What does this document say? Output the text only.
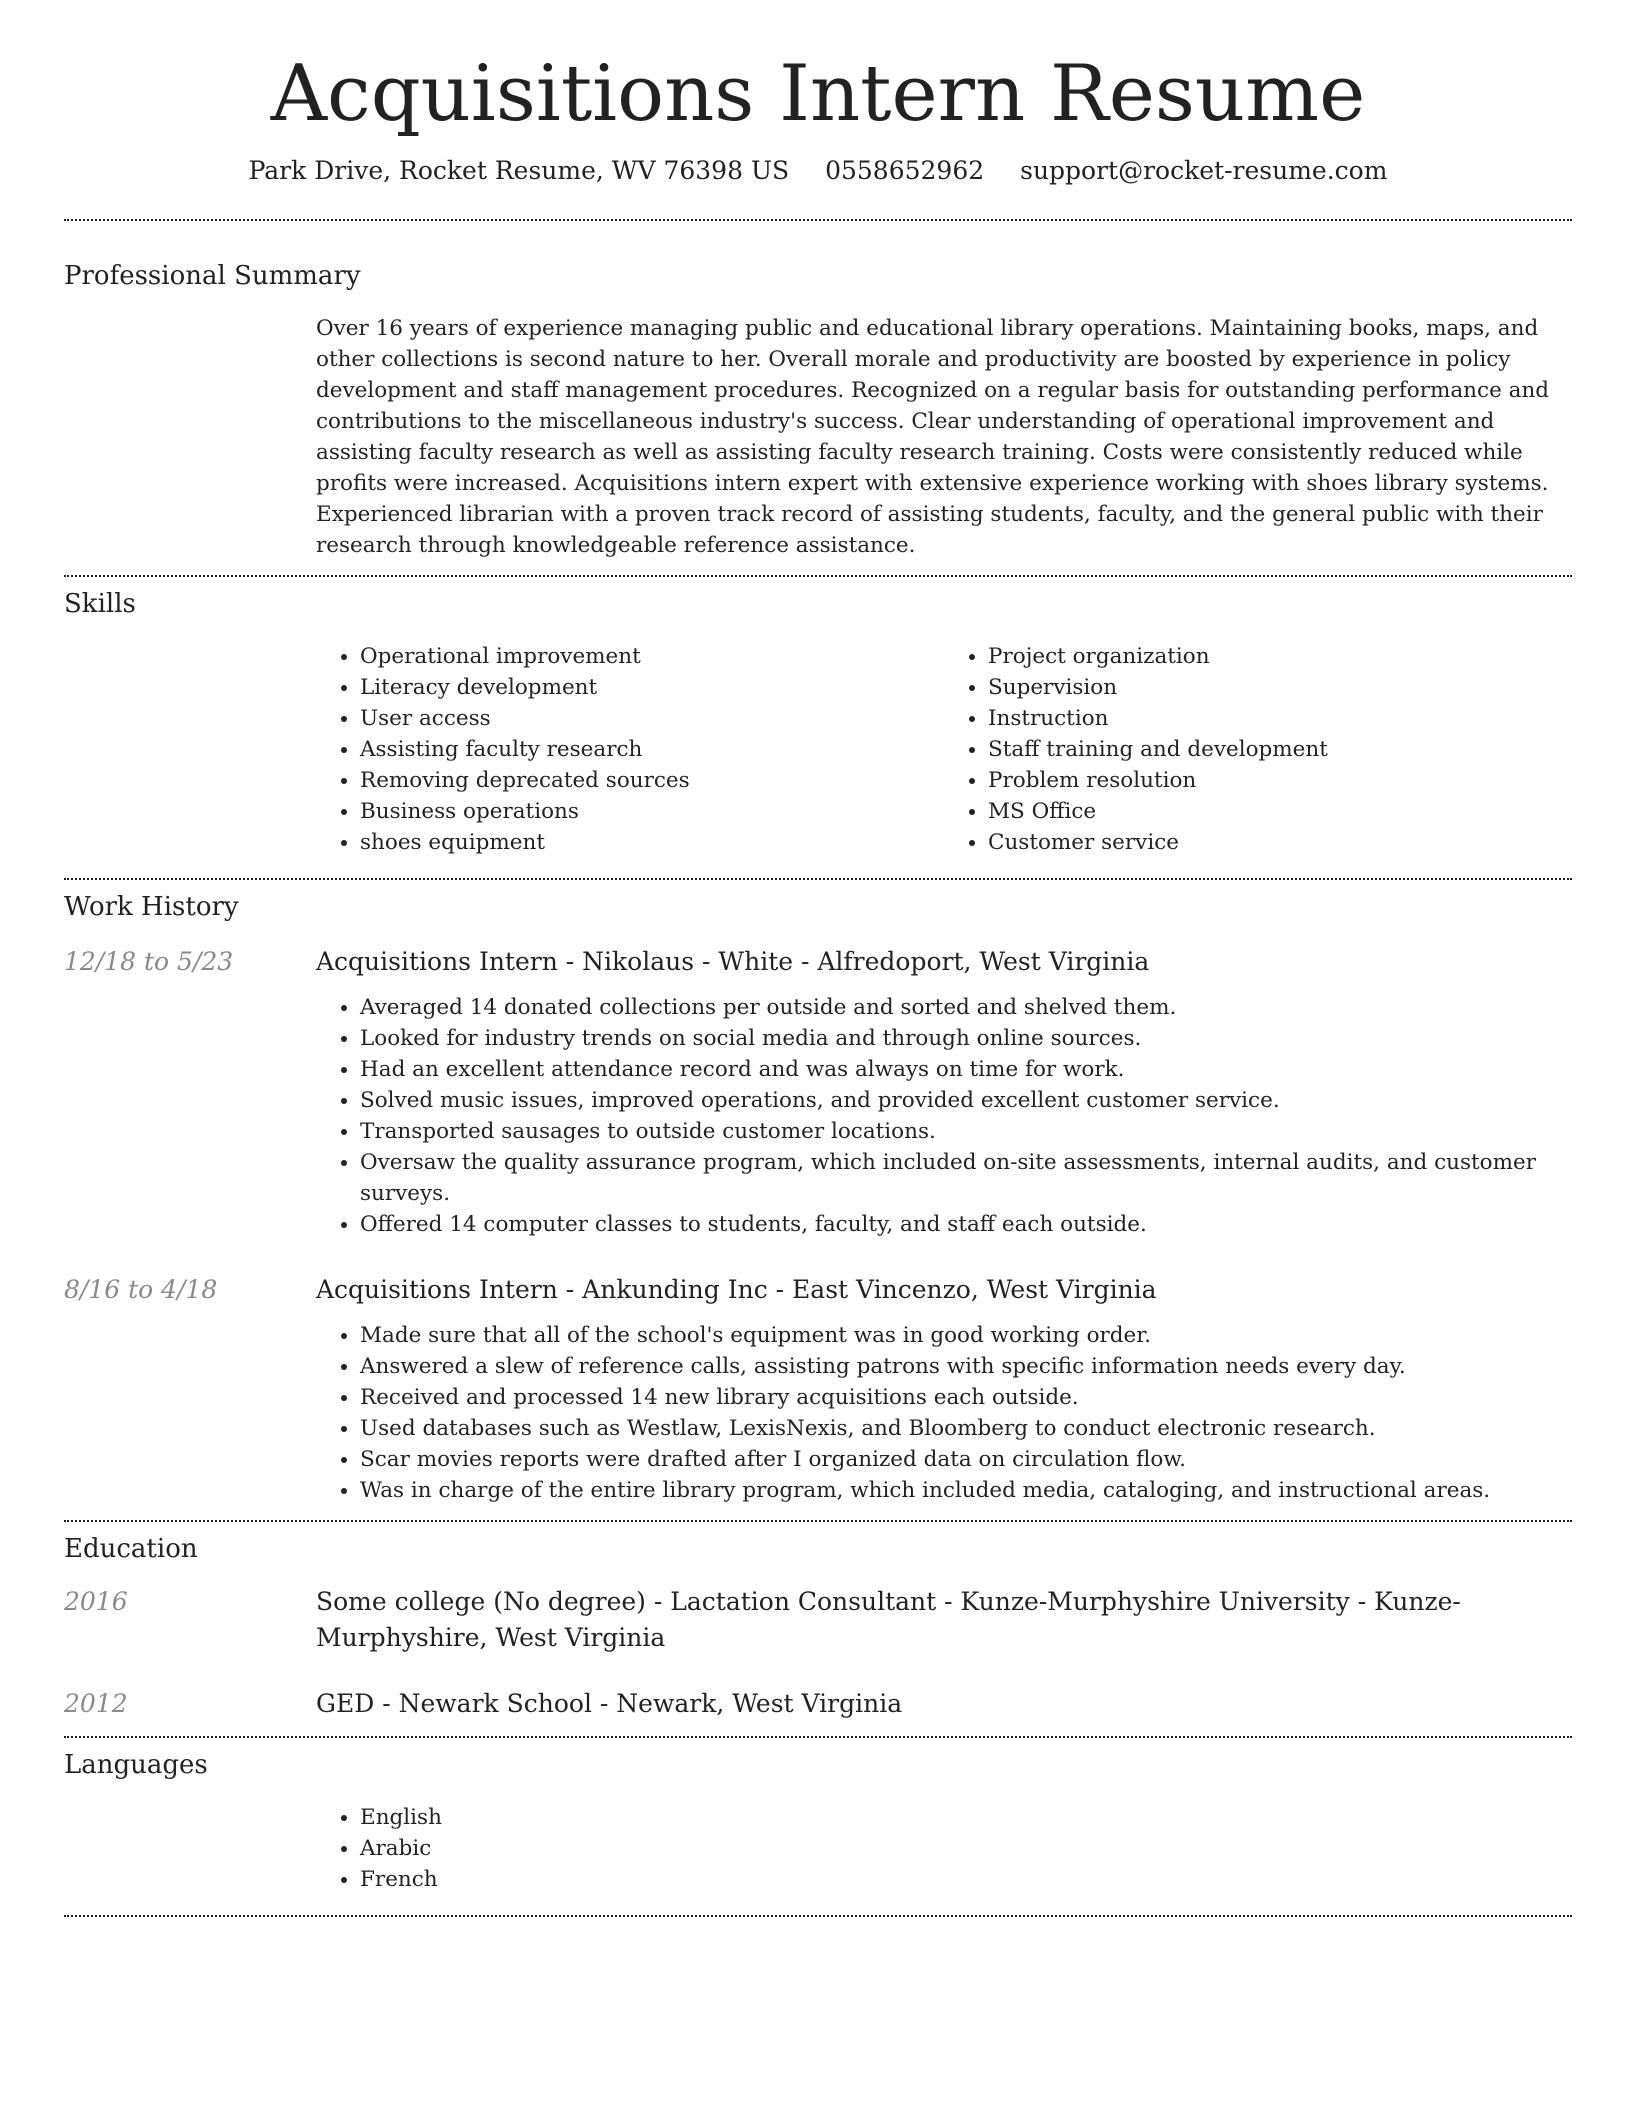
Acquisitions Intern Resume
Park Drive, Rocket Resume, WV 76398 US 0558652962 support@rocket-resume.com
Professional Summary

Over 16 years of experience managing public and educational library operations. Maintaining books, maps, and other collections is second nature to her. Overall morale and productivity are boosted by experience in policy development and staff management procedures. Recognized on a regular basis for outstanding performance and contributions to the miscellaneous industry's success. Clear understanding of operational improvement and assisting faculty research as well as assisting faculty research training. Costs were consistently reduced while profits were increased. Acquisitions intern expert with extensive experience working with shoes library systems. Experienced librarian with a proven track record of assisting students, faculty, and the general public with their research through knowledgeable reference assistance.

Skills
• Operational improvement
• Literacy development
• User access
• Assisting faculty research
• Removing deprecated sources
• Business operations
• shoes equipment
• Project organization
• Supervision
• Instruction
• Staff training and development
• Problem resolution
• MS Office
• Customer service
Work History
12/18 to 5/23	Acquisitions Intern - Nikolaus - White - Alfredoport, West Virginia
• Averaged 14 donated collections per outside and sorted and shelved them.
• Looked for industry trends on social media and through online sources.
• Had an excellent attendance record and was always on time for work.
• Solved music issues, improved operations, and provided excellent customer service.
• Transported sausages to outside customer locations.
• Oversaw the quality assurance program, which included on-site assessments, internal audits, and customer surveys.
• Offered 14 computer classes to students, faculty, and staff each outside.
8/16 to 4/18	Acquisitions Intern - Ankunding Inc - East Vincenzo, West Virginia
• Made sure that all of the school's equipment was in good working order.
• Answered a slew of reference calls, assisting patrons with specific information needs every day.
• Received and processed 14 new library acquisitions each outside.
• Used databases such as Westlaw, LexisNexis, and Bloomberg to conduct electronic research.
• Scar movies reports were drafted after I organized data on circulation flow.
• Was in charge of the entire library program, which included media, cataloging, and instructional areas.
Education
2016	Some college (No degree) - Lactation Consultant - Kunze-Murphyshire University - Kunze-Murphyshire, West Virginia
2012	GED - Newark School - Newark, West Virginia
Languages
• English
• Arabic
• French
